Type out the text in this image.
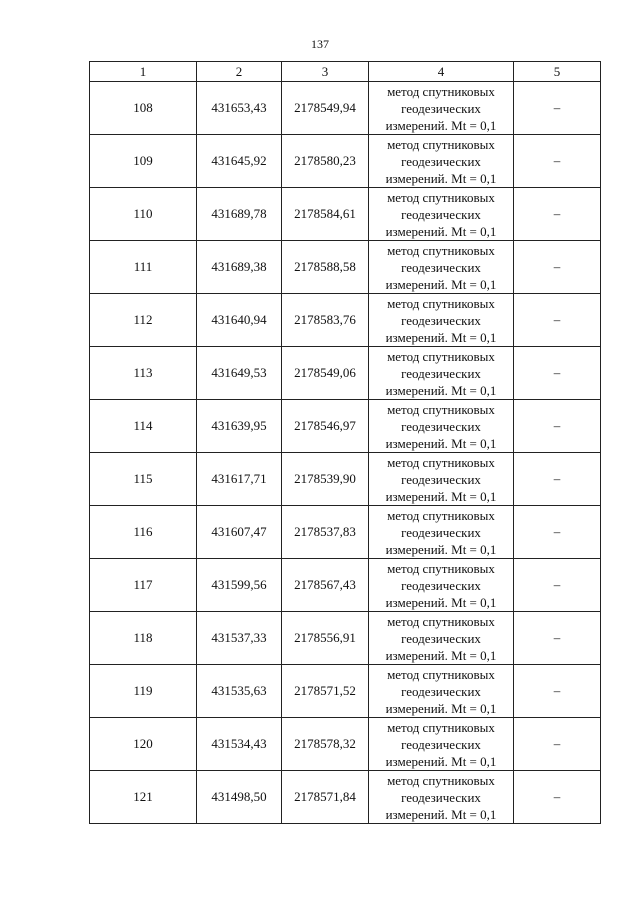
137
1	2	3	4	5
108	431653,43	2178549,94	метод спутниковых
геодезических
измерений. Mt = 0,1	–
109	431645,92	2178580,23	метод спутниковых
геодезических
измерений. Mt = 0,1	–
110	431689,78	2178584,61	метод спутниковых
геодезических
измерений. Mt = 0,1	–
111	431689,38	2178588,58	метод спутниковых
геодезических
измерений. Mt = 0,1	–
112	431640,94	2178583,76	метод спутниковых
геодезических
измерений. Mt = 0,1	–
113	431649,53	2178549,06	метод спутниковых
геодезических
измерений. Mt = 0,1	–
114	431639,95	2178546,97	метод спутниковых
геодезических
измерений. Mt = 0,1	–
115	431617,71	2178539,90	метод спутниковых
геодезических
измерений. Mt = 0,1	–
116	431607,47	2178537,83	метод спутниковых
геодезических
измерений. Mt = 0,1	–
117	431599,56	2178567,43	метод спутниковых
геодезических
измерений. Mt = 0,1	–
118	431537,33	2178556,91	метод спутниковых
геодезических
измерений. Mt = 0,1	–
119	431535,63	2178571,52	метод спутниковых
геодезических
измерений. Mt = 0,1	–
120	431534,43	2178578,32	метод спутниковых
геодезических
измерений. Mt = 0,1	–
121	431498,50	2178571,84	метод спутниковых
геодезических
измерений. Mt = 0,1	–
